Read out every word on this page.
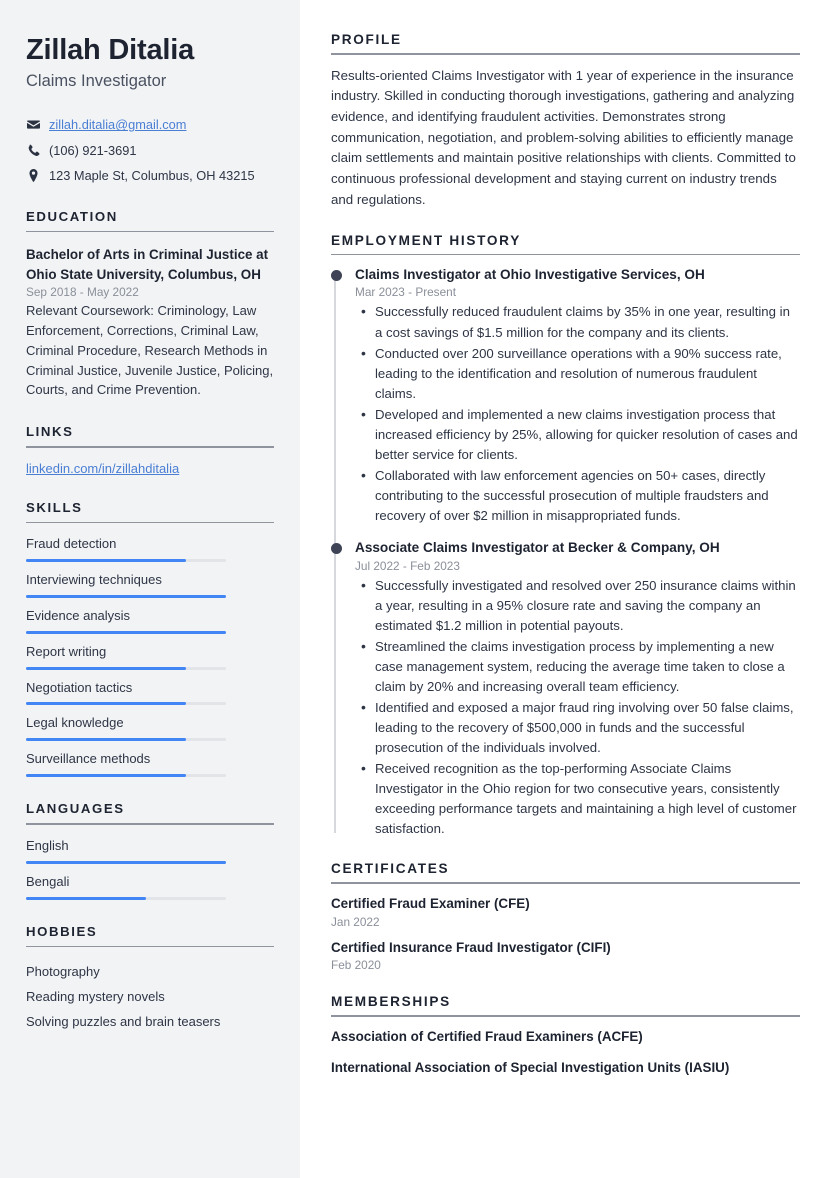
Zillah Ditalia
Claims Investigator
zillah.ditalia@gmail.com
(106) 921-3691
123 Maple St, Columbus, OH 43215
EDUCATION
Bachelor of Arts in Criminal Justice at Ohio State University, Columbus, OH
Sep 2018 - May 2022
Relevant Coursework: Criminology, Law Enforcement, Corrections, Criminal Law, Criminal Procedure, Research Methods in Criminal Justice, Juvenile Justice, Policing, Courts, and Crime Prevention.
LINKS
linkedin.com/in/zillahditalia
SKILLS
Fraud detection
Interviewing techniques
Evidence analysis
Report writing
Negotiation tactics
Legal knowledge
Surveillance methods
LANGUAGES
English
Bengali
HOBBIES
Photography
Reading mystery novels
Solving puzzles and brain teasers
PROFILE

Results-oriented Claims Investigator with 1 year of experience in the insurance industry. Skilled in conducting thorough investigations, gathering and analyzing evidence, and identifying fraudulent activities. Demonstrates strong communication, negotiation, and problem-solving abilities to efficiently manage claim settlements and maintain positive relationships with clients. Committed to continuous professional development and staying current on industry trends and regulations.

EMPLOYMENT HISTORY
Claims Investigator at Ohio Investigative Services, OH
Mar 2023 - Present
• Successfully reduced fraudulent claims by 35% in one year, resulting in a cost savings of $1.5 million for the company and its clients.
• Conducted over 200 surveillance operations with a 90% success rate, leading to the identification and resolution of numerous fraudulent claims.
• Developed and implemented a new claims investigation process that increased efficiency by 25%, allowing for quicker resolution of cases and better service for clients.
• Collaborated with law enforcement agencies on 50+ cases, directly contributing to the successful prosecution of multiple fraudsters and recovery of over $2 million in misappropriated funds.
Associate Claims Investigator at Becker & Company, OH
Jul 2022 - Feb 2023
• Successfully investigated and resolved over 250 insurance claims within a year, resulting in a 95% closure rate and saving the company an estimated $1.2 million in potential payouts.
• Streamlined the claims investigation process by implementing a new case management system, reducing the average time taken to close a claim by 20% and increasing overall team efficiency.
• Identified and exposed a major fraud ring involving over 50 false claims, leading to the recovery of $500,000 in funds and the successful prosecution of the individuals involved.
• Received recognition as the top-performing Associate Claims Investigator in the Ohio region for two consecutive years, consistently exceeding performance targets and maintaining a high level of customer satisfaction.
CERTIFICATES
Certified Fraud Examiner (CFE)
Jan 2022
Certified Insurance Fraud Investigator (CIFI)
Feb 2020
MEMBERSHIPS
Association of Certified Fraud Examiners (ACFE)
International Association of Special Investigation Units (IASIU)
